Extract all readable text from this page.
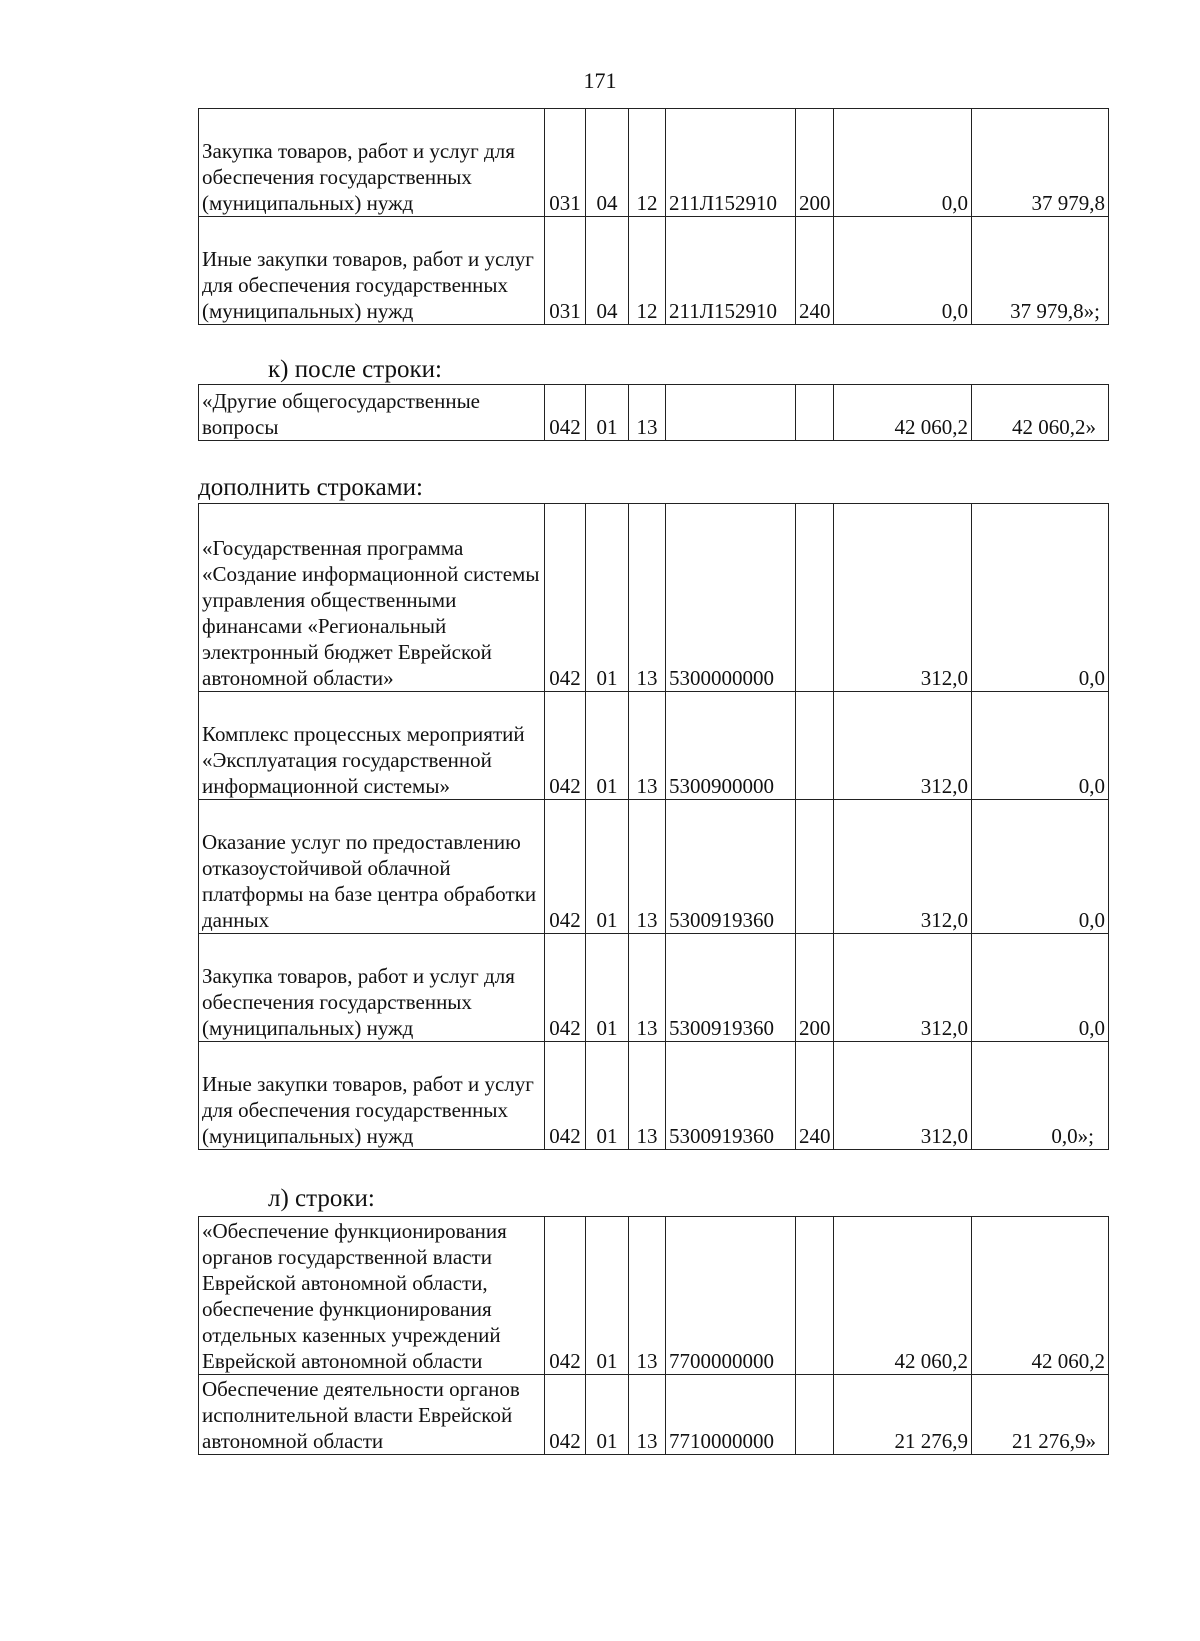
171
Закупка товаров, работ и услуг для обеспечения государственных (муниципальных) нужд	031	04	12	211Л152910	200	0,0	37 979,8
Иные закупки товаров, работ и услуг для обеспечения государственных (муниципальных) нужд	031	04	12	211Л152910	240	0,0	37 979,8»;
к) после строки:
«Другие общегосударственные вопросы	042	01	13			42 060,2	42 060,2»
дополнить строками:
«Государственная программа «Создание информационной системы управления общественными финансами «Региональный электронный бюджет Еврейской автономной области»	042	01	13	5300000000		312,0	0,0
Комплекс процессных мероприятий «Эксплуатация государственной информационной системы»	042	01	13	5300900000		312,0	0,0
Оказание услуг по предоставлению отказоустойчивой облачной платформы на базе центра обработки данных	042	01	13	5300919360		312,0	0,0
Закупка товаров, работ и услуг для обеспечения государственных (муниципальных) нужд	042	01	13	5300919360	200	312,0	0,0
Иные закупки товаров, работ и услуг для обеспечения государственных (муниципальных) нужд	042	01	13	5300919360	240	312,0	0,0»;
л) строки:
«Обеспечение функционирования органов государственной власти Еврейской автономной области, обеспечение функционирования отдельных казенных учреждений Еврейской автономной области	042	01	13	7700000000		42 060,2	42 060,2
Обеспечение деятельности органов исполнительной власти Еврейской автономной области	042	01	13	7710000000		21 276,9	21 276,9»
